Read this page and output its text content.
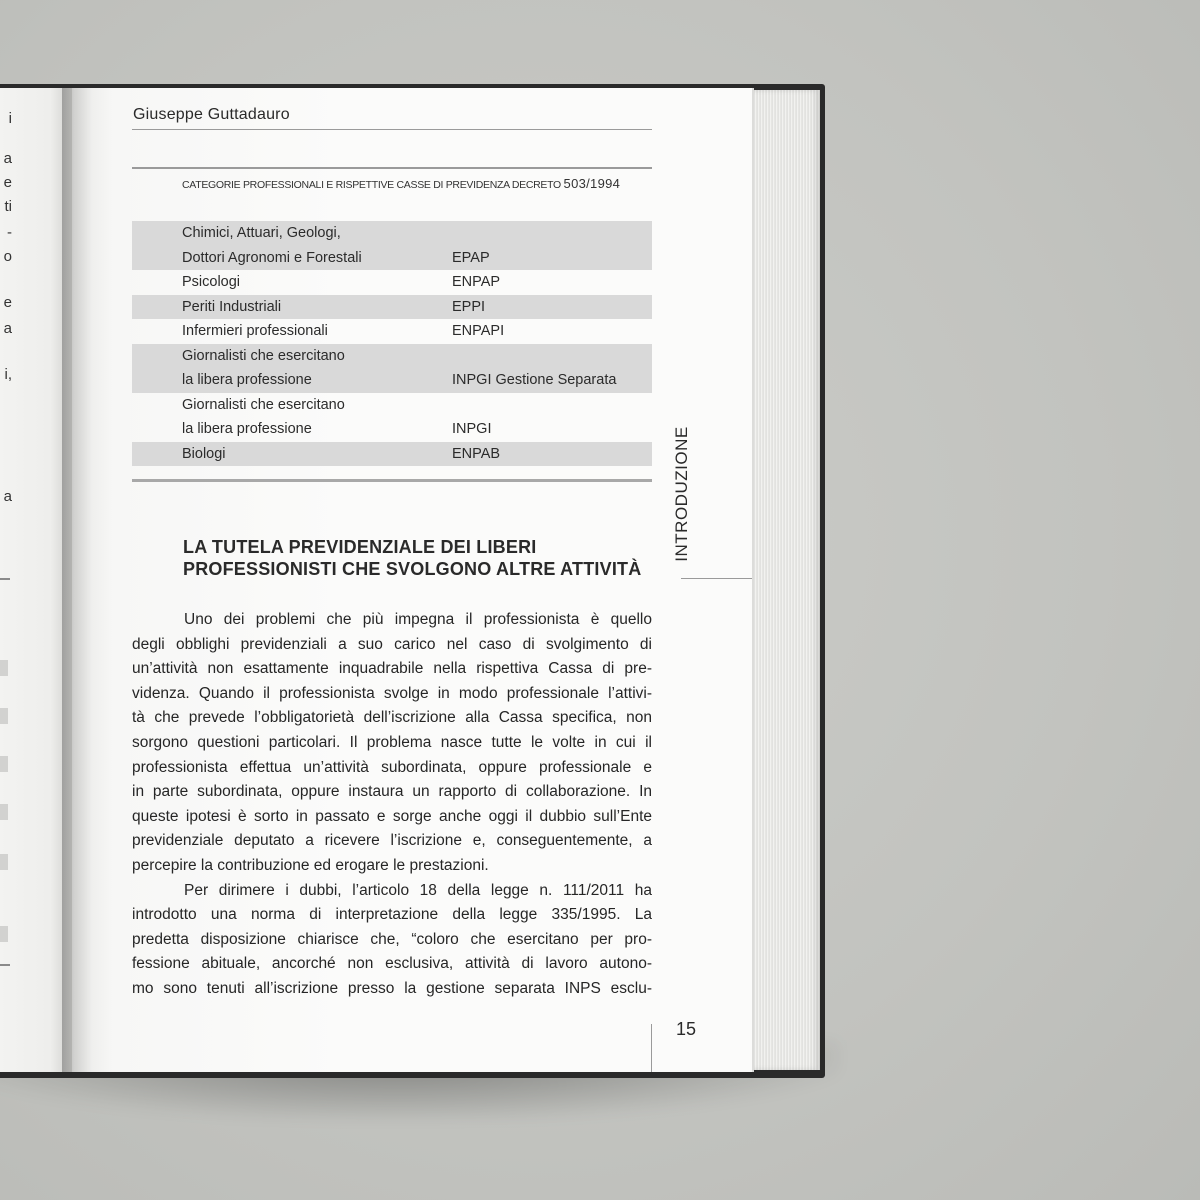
i
a
e
ti
-
o
e
a
i,
a
Giuseppe Guttadauro
CATEGORIE PROFESSIONALI E RISPETTIVE CASSE DI PREVIDENZA DECRETO 503/1994
Chimici, Attuari, Geologi,
Dottori Agronomi e Forestali	EPAP
Psicologi	ENPAP
Periti Industriali	EPPI
Infermieri professionali	ENPAPI
Giornalisti che esercitano
la libera professione	INPGI Gestione Separata
Giornalisti che esercitano
la libera professione	INPGI
Biologi	ENPAB
LA TUTELA PREVIDENZIALE DEI LIBERI
PROFESSIONISTI CHE SVOLGONO ALTRE ATTIVITÀ
Uno dei problemi che più impegna il professionista è quello
degli obblighi previdenziali a suo carico nel caso di svolgimento di
un’attività non esattamente inquadrabile nella rispettiva Cassa di pre-
videnza. Quando il professionista svolge in modo professionale l’attivi-
tà che prevede l’obbligatorietà dell’iscrizione alla Cassa specifica, non
sorgono questioni particolari. Il problema nasce tutte le volte in cui il
professionista effettua un’attività subordinata, oppure professionale e
in parte subordinata, oppure instaura un rapporto di collaborazione. In
queste ipotesi è sorto in passato e sorge anche oggi il dubbio sull’Ente
previdenziale deputato a ricevere l’iscrizione e, conseguentemente, a
percepire la contribuzione ed erogare le prestazioni.
Per dirimere i dubbi, l’articolo 18 della legge n. 111/2011 ha
introdotto una norma di interpretazione della legge 335/1995. La
predetta disposizione chiarisce che, “coloro che esercitano per pro-
fessione abituale, ancorché non esclusiva, attività di lavoro autono-
mo sono tenuti all’iscrizione presso la gestione separata INPS esclu-
INTRODUZIONE
15
